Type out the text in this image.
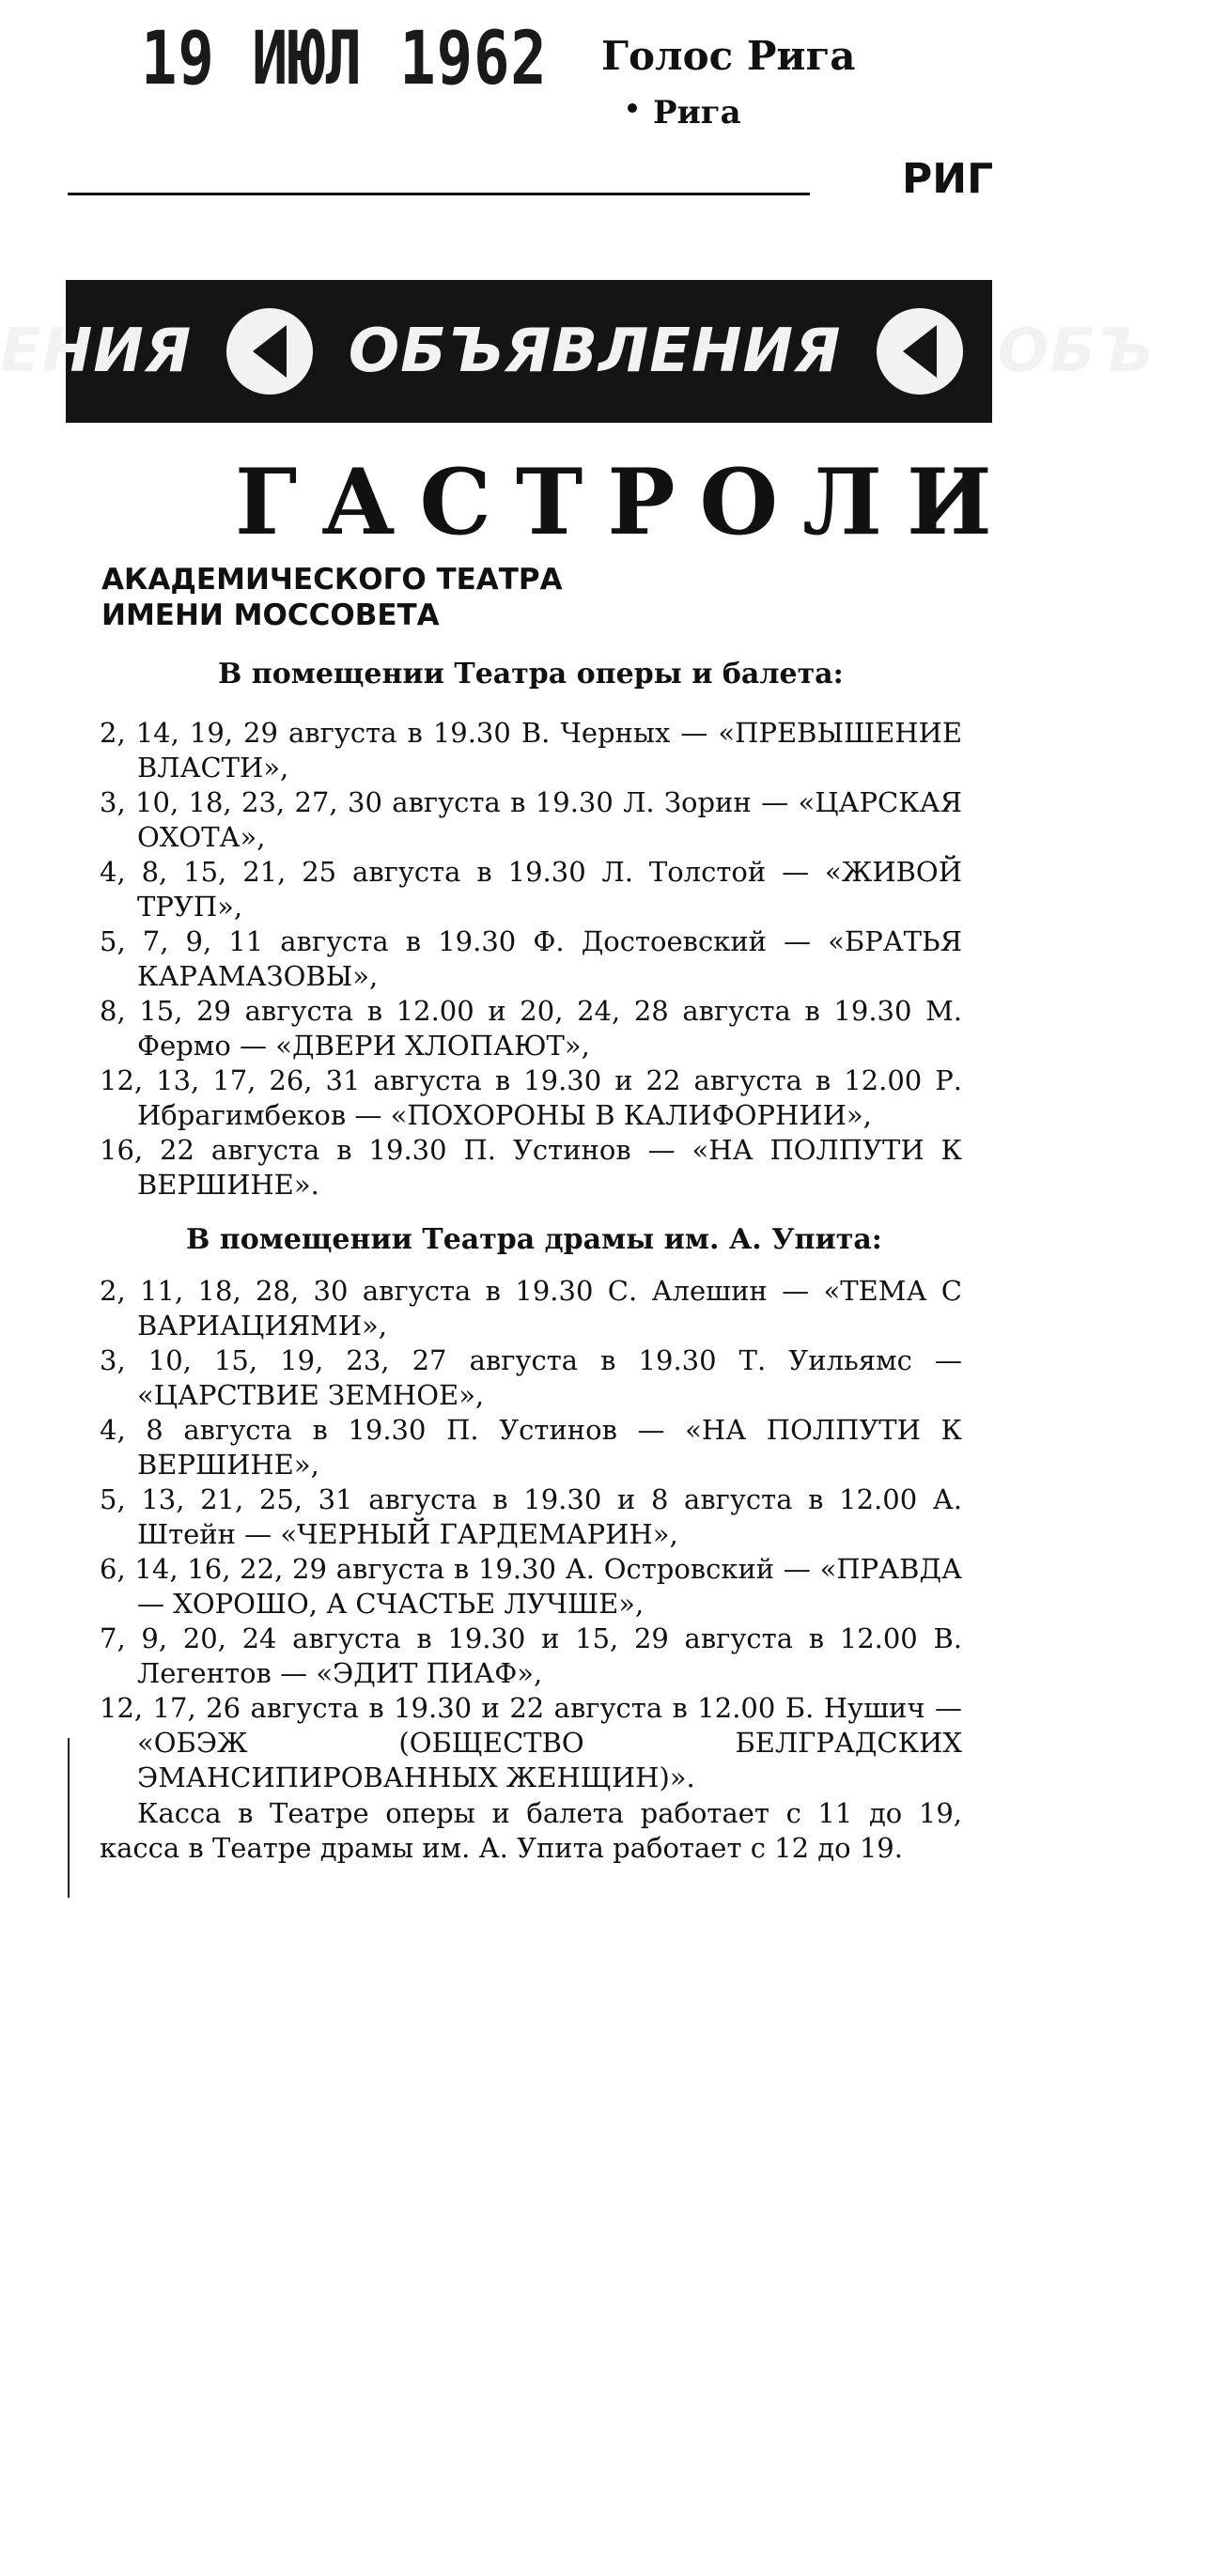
19 ИЮЛ 1962 Голос Рига
Рига
РИГ
ЕНИЯ	ОБЪЯВЛЕНИЯ	ОБЪ
ГАСТРОЛИ
АКАДЕМИЧЕСКОГО ТЕАТРА
ИМЕНИ МОССОВЕТА
В помещении Театра оперы и балета:

2, 14, 19, 29 августа в 19.30 В. Черных — «ПРЕВЫШЕНИЕ ВЛАСТИ»,

3, 10, 18, 23, 27, 30 августа в 19.30 Л. Зорин — «ЦАРСКАЯ ОХОТА»,

4, 8, 15, 21, 25 августа в 19.30 Л. Толстой — «ЖИВОЙ ТРУП»,

5, 7, 9, 11 августа в 19.30 Ф. Достоевский — «БРАТЬЯ КАРАМАЗОВЫ»,

8, 15, 29 августа в 12.00 и 20, 24, 28 августа в 19.30 М. Фермо — «ДВЕРИ ХЛОПАЮТ»,

12, 13, 17, 26, 31 августа в 19.30 и 22 августа в 12.00 Р. Ибрагимбеков — «ПОХОРОНЫ В КАЛИФОРНИИ»,

16, 22 августа в 19.30 П. Устинов — «НА ПОЛПУТИ К ВЕРШИНЕ».

В помещении Театра драмы им. А. Упита:

2, 11, 18, 28, 30 августа в 19.30 С. Алешин — «ТЕМА С ВАРИАЦИЯМИ»,

3, 10, 15, 19, 23, 27 августа в 19.30 Т. Уильямс — «ЦАРСТВИЕ ЗЕМНОЕ»,

4, 8 августа в 19.30 П. Устинов — «НА ПОЛПУТИ К ВЕРШИНЕ»,

5, 13, 21, 25, 31 августа в 19.30 и 8 августа в 12.00 А. Штейн — «ЧЕРНЫЙ ГАРДЕМАРИН»,

6, 14, 16, 22, 29 августа в 19.30 А. Островский — «ПРАВДА — ХОРОШО, А СЧАСТЬЕ ЛУЧШЕ»,

7, 9, 20, 24 августа в 19.30 и 15, 29 августа в 12.00 В. Легентов — «ЭДИТ ПИАФ»,

12, 17, 26 августа в 19.30 и 22 августа в 12.00 Б. Нушич — «ОБЭЖ (ОБЩЕСТВО БЕЛГРАДСКИХ ЭМАНСИПИРОВАННЫХ ЖЕНЩИН)».

Касса в Театре оперы и балета работает с 11 до 19, касса в Театре драмы им. А. Упита работает с 12 до 19.
